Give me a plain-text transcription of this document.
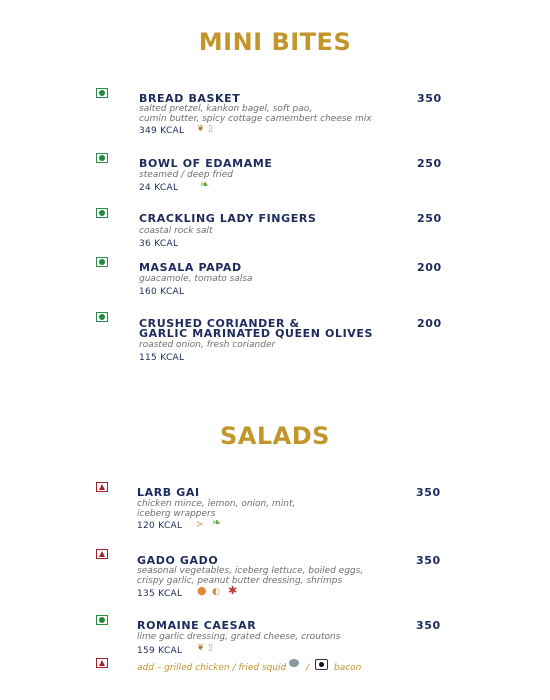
MINI BITES
BREAD BASKET	350
salted pretzel, kankon bagel, soft pao,
cumin butter, spicy cottage camembert cheese mix
349 KCAL ❦ ▯
BOWL OF EDAMAME	250
steamed / deep fried
24 KCAL ❧
CRACKLING LADY FINGERS	250
coastal rock salt
36 KCAL
MASALA PAPAD	200
guacamole, tomato salsa
160 KCAL
CRUSHED CORIANDER &
GARLIC MARINATED QUEEN OLIVES
200
roasted onion, fresh coriander
115 KCAL
SALADS
LARB GAI	350
chicken mince, lemon, onion, mint,
iceberg wrappers
120 KCAL ≻ ❧
GADO GADO	350
seasonal vegetables, iceberg lettuce, boiled eggs,
crispy garlic, peanut butter dressing, shrimps
135 KCAL ● ◐ ✱
ROMAINE CAESAR	350
lime garlic dressing, grated cheese, croutons
159 KCAL ❦ ▯
add – grilled chicken / fried squid /	bacon
